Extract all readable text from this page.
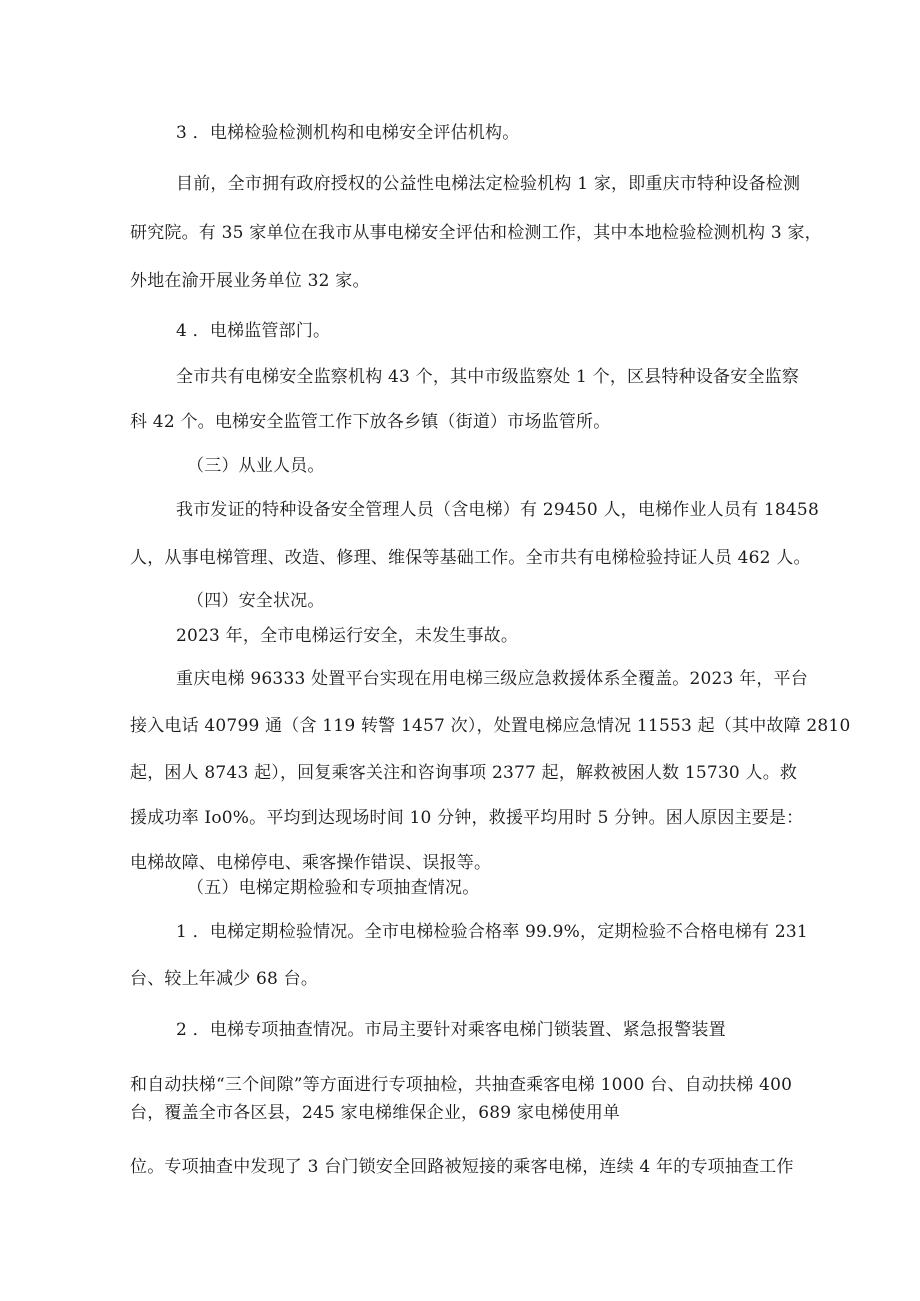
3 ．电梯检验检测机构和电梯安全评估机构。
目前，全市拥有政府授权的公益性电梯法定检验机构 1 家，即重庆市特种设备检测
研究院。有 35 家单位在我市从事电梯安全评估和检测工作，其中本地检验检测机构 3 家，
外地在渝开展业务单位 32 家。
4 ．电梯监管部门。
全市共有电梯安全监察机构 43 个，其中市级监察处 1 个，区县特种设备安全监察
科 42 个。电梯安全监管工作下放各乡镇（街道）市场监管所。
（三）从业人员。
我市发证的特种设备安全管理人员（含电梯）有 29450 人，电梯作业人员有 18458
人，从事电梯管理、改造、修理、维保等基础工作。全市共有电梯检验持证人员 462 人。
（四）安全状况。
2023 年，全市电梯运行安全，未发生事故。
重庆电梯 96333 处置平台实现在用电梯三级应急救援体系全覆盖。2023 年，平台
接入电话 40799 通（含 119 转警 1457 次），处置电梯应急情况 11553 起（其中故障 2810
起，困人 8743 起），回复乘客关注和咨询事项 2377 起，解救被困人数 15730 人。救
援成功率 Io0%。平均到达现场时间 10 分钟，救援平均用时 5 分钟。困人原因主要是：
电梯故障、电梯停电、乘客操作错误、误报等。
（五）电梯定期检验和专项抽查情况。
1 ．电梯定期检验情况。全市电梯检验合格率 99.9%，定期检验不合格电梯有 231
台、较上年减少 68 台。
2 ．电梯专项抽查情况。市局主要针对乘客电梯门锁装置、紧急报警装置
和自动扶梯“三个间隙”等方面进行专项抽检，共抽查乘客电梯 1000 台、自动扶梯 400
台，覆盖全市各区县，245 家电梯维保企业，689 家电梯使用单
位。专项抽查中发现了 3 台门锁安全回路被短接的乘客电梯，连续 4 年的专项抽查工作
